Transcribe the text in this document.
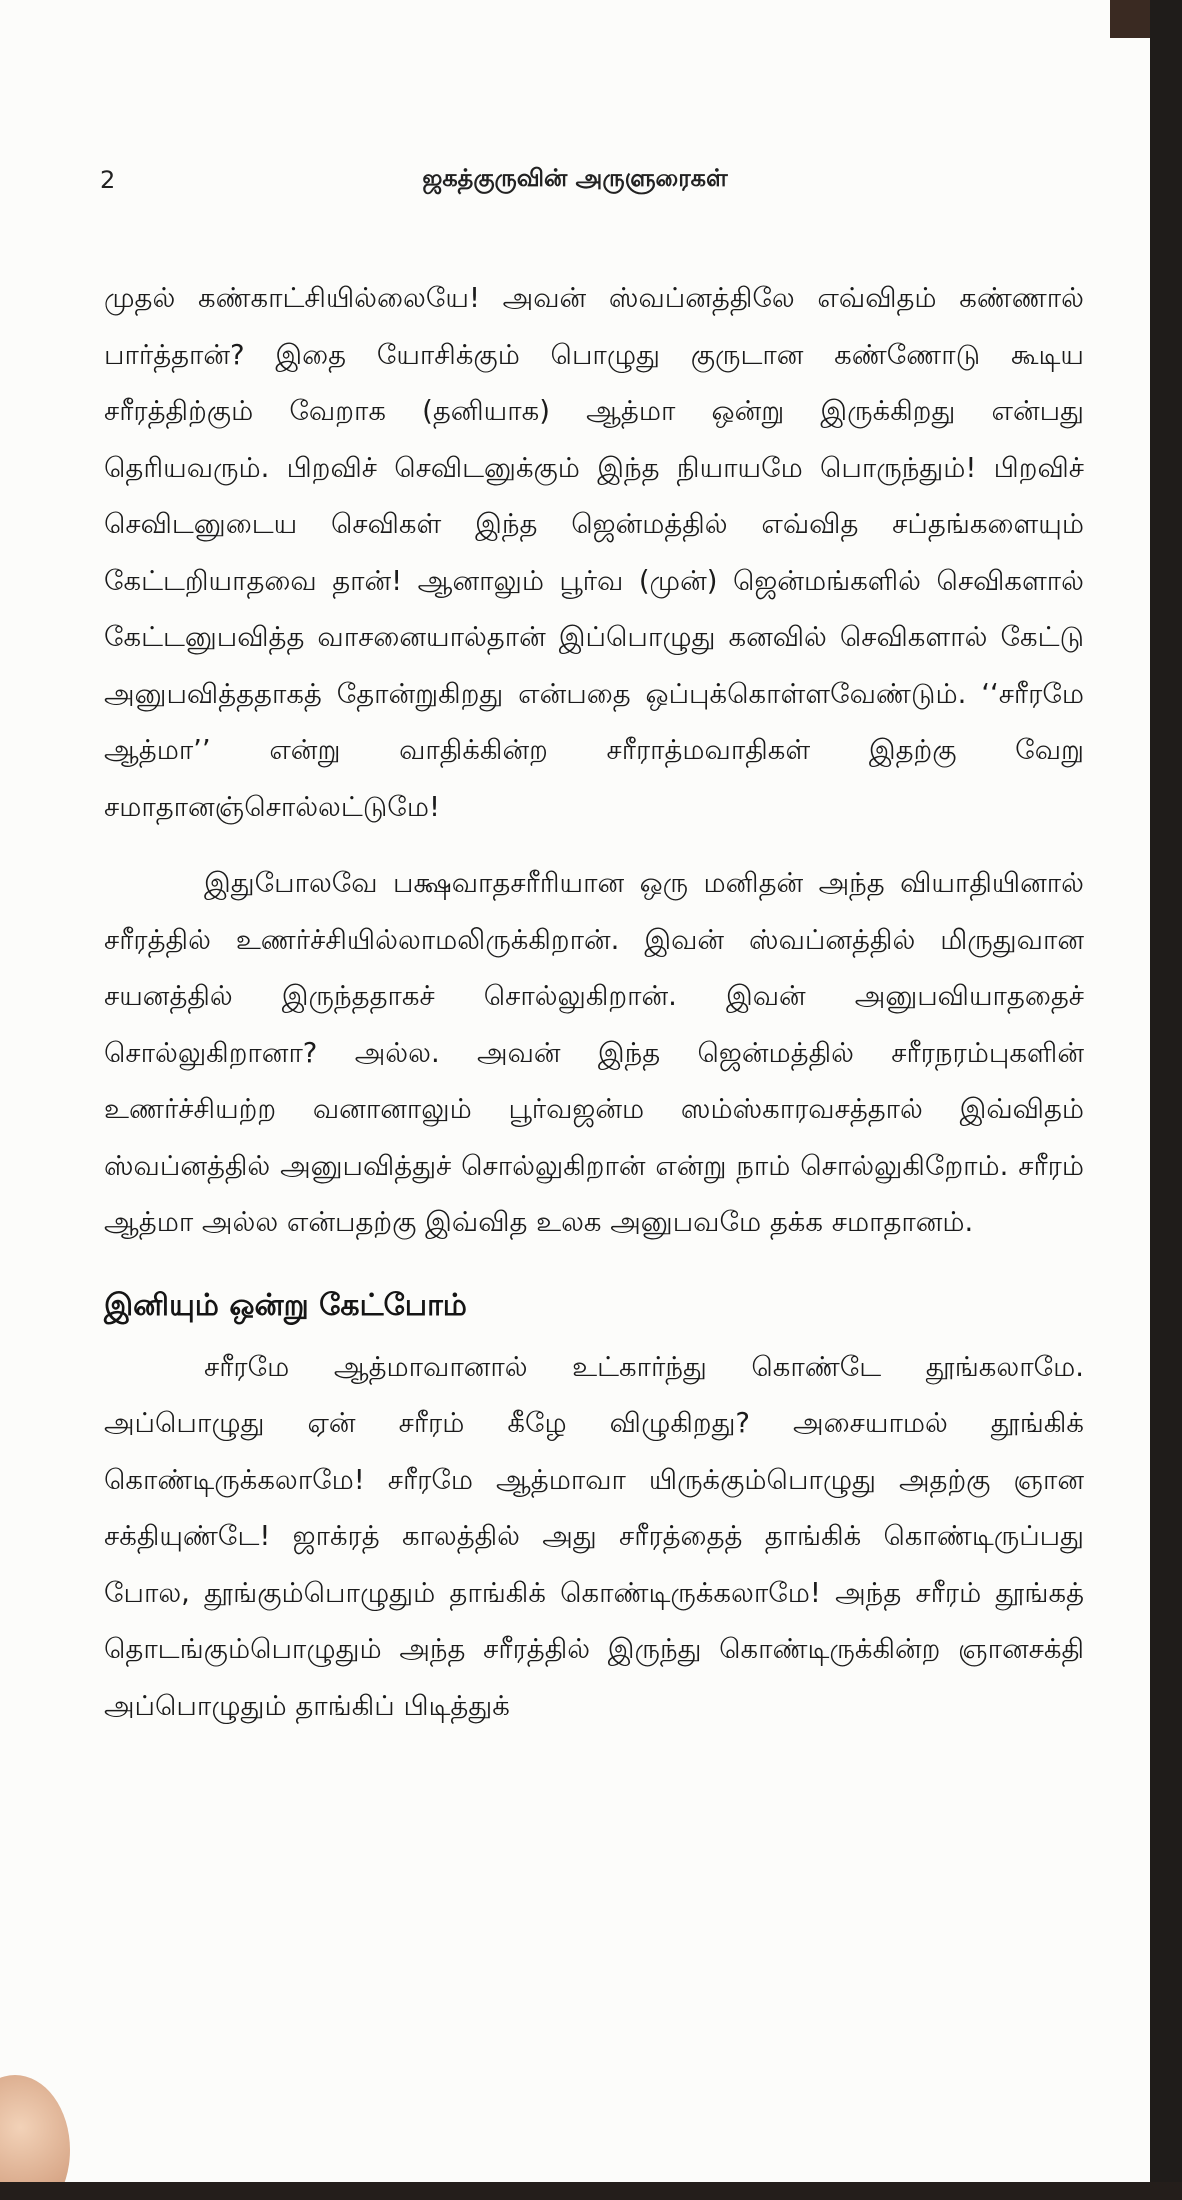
2	ஜகத்குருவின் அருளுரைகள்

முதல் கண்காட்சியில்லையே! அவன் ஸ்வப்னத்திலே எவ்விதம் கண்ணால் பார்த்தான்? இதை யோசிக்கும் பொழுது குருடான கண்ணோடு கூடிய சரீரத்திற்கும் வேறாக (தனியாக) ஆத்மா ஒன்று இருக்கிறது என்பது தெரியவரும். பிறவிச் செவிடனுக்கும் இந்த நியாயமே பொருந்தும்! பிறவிச் செவிடனுடைய செவிகள் இந்த ஜென்மத்தில் எவ்வித சப்தங்களையும் கேட்டறியாதவை தான்! ஆனாலும் பூர்வ (முன்) ஜென்மங்களில் செவிகளால் கேட்டனுபவித்த வாசனையால்தான் இப்பொழுது கனவில் செவிகளால் கேட்டு அனுபவித்ததாகத் தோன்றுகிறது என்பதை ஒப்புக்கொள்ளவேண்டும். ‘‘சரீரமே ஆத்மா’’ என்று வாதிக்கின்ற சரீராத்மவாதிகள் இதற்கு வேறு சமாதானஞ்சொல்லட்டுமே!

இதுபோலவே பக்ஷவாதசரீரியான ஒரு மனிதன் அந்த வியாதியினால் சரீரத்தில் உணர்ச்சியில்லாமலிருக்கிறான். இவன் ஸ்வப்னத்தில் மிருதுவான சயனத்தில் இருந்ததாகச் சொல்லுகிறான். இவன் அனுபவியாததைச் சொல்லுகிறானா? அல்ல. அவன் இந்த ஜென்மத்தில் சரீரநரம்புகளின் உணர்ச்சியற்ற வனானாலும் பூர்வஜன்ம ஸம்ஸ்காரவசத்தால் இவ்விதம் ஸ்வப்னத்தில் அனுபவித்துச் சொல்லுகிறான் என்று நாம் சொல்லுகிறோம். சரீரம் ஆத்மா அல்ல என்பதற்கு இவ்வித உலக அனுபவமே தக்க சமாதானம்.

இனியும் ஒன்று கேட்போம்

சரீரமே ஆத்மாவானால் உட்கார்ந்து கொண்டே தூங்கலாமே. அப்பொழுது ஏன் சரீரம் கீழே விழுகிறது? அசையாமல் தூங்கிக் கொண்டிருக்கலாமே! சரீரமே ஆத்மாவா யிருக்கும்பொழுது அதற்கு ஞான சக்தியுண்டே! ஜாக்ரத் காலத்தில் அது சரீரத்தைத் தாங்கிக் கொண்டிருப்பது போல, தூங்கும்பொழுதும் தாங்கிக் கொண்டிருக்கலாமே! அந்த சரீரம் தூங்கத் தொடங்கும்பொழுதும் அந்த சரீரத்தில் இருந்து கொண்டிருக்கின்ற ஞானசக்தி அப்பொழுதும் தாங்கிப் பிடித்துக்
